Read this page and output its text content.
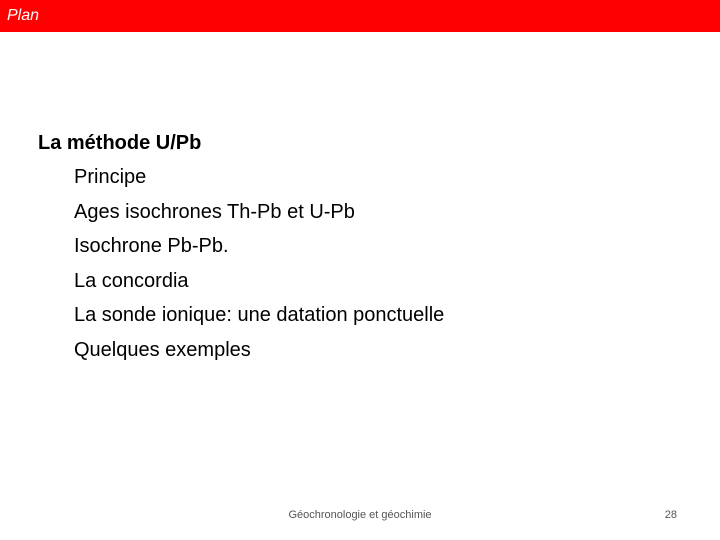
Plan
La méthode U/Pb
Principe
Ages isochrones Th-Pb et U-Pb
Isochrone Pb-Pb.
La concordia
La sonde ionique: une datation ponctuelle
Quelques exemples
Géochronologie et géochimie	28
